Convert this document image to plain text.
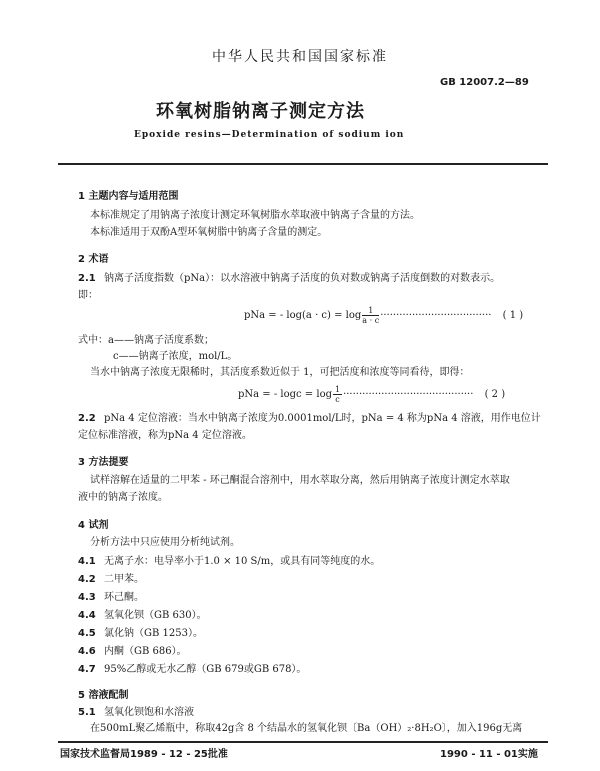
中华人民共和国国家标准
GB 12007.2—89
环氧树脂钠离子测定方法
Epoxide resins—Determination of sodium ion
1 主题内容与适用范围
本标准规定了用钠离子浓度计测定环氧树脂水萃取液中钠离子含量的方法。
本标准适用于双酚A型环氧树脂中钠离子含量的测定。
2 术语
2.1 钠离子活度指数（pNa）：以水溶液中钠离子活度的负对数或钠离子活度倒数的对数表示。
即：
pNa = - $\log(a \cdot c) = \log \frac{1}{a \cdot c}$ ··································· ( 1 )
式中：a——钠离子活度系数；
c——钠离子浓度，mol/L。
当水中钠离子浓度无限稀时，其活度系数近似于 1，可把活度和浓度等同看待，即得：
pNa = - $\log c = \log \frac{1}{c}$ ········································· ( 2 )
2.2 pNa 4 定位溶液：当水中钠离子浓度为0.0001mol/L时，pNa = 4 称为pNa 4 溶液，用作电位计
定位标准溶液，称为pNa 4 定位溶液。
3 方法提要
试样溶解在适量的二甲苯 - 环己酮混合溶剂中，用水萃取分离，然后用钠离子浓度计测定水萃取
液中的钠离子浓度。
4 试剂
分析方法中只应使用分析纯试剂。
4.1 无离子水：电导率小于1.0 × 10 S/m，或具有同等纯度的水。
4.2 二甲苯。
4.3 环己酮。
4.4 氢氧化钡（GB 630）。
4.5 氯化钠（GB 1253）。
4.6 内酮（GB 686）。
4.7 95%乙醇或无水乙醇（GB 679或GB 678）。
5 溶液配制
5.1 氢氧化钡饱和水溶液
在500mL聚乙烯瓶中，称取42g含 8 个结晶水的氢氧化钡〔Ba（OH）₂·8H₂O〕，加入196g无离
国家技术监督局1989 - 12 - 25批准	1990 - 11 - 01实施
